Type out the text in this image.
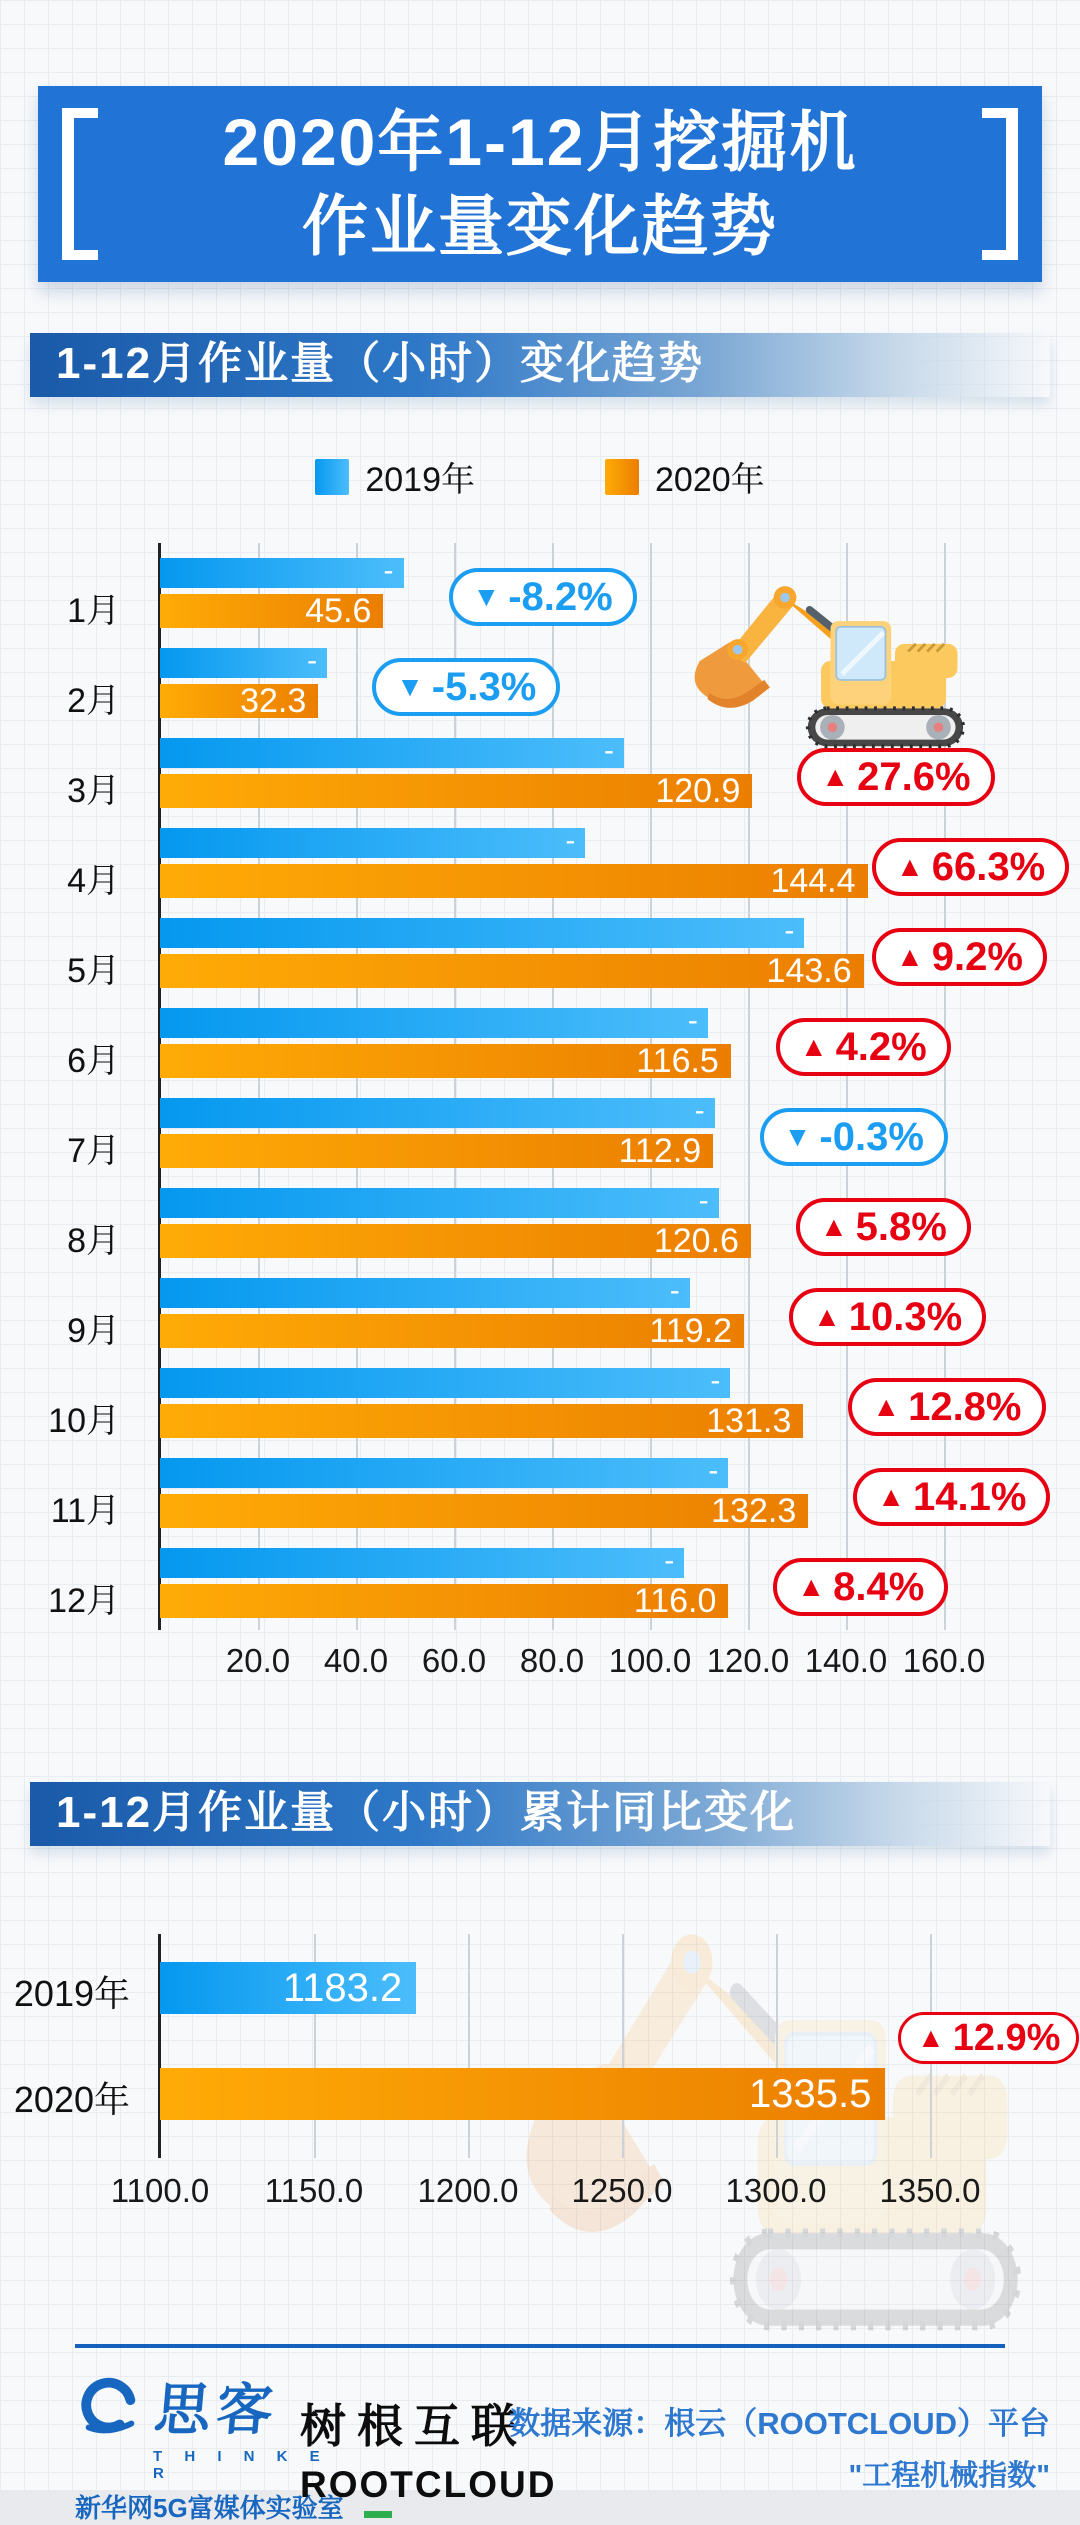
2020年1-12月挖掘机
作业量变化趋势
1-12月作业量（小时）变化趋势
2019年	2020年
20.0	40.0	60.0	80.0 100.0 120.0 140.0 160.0
1月
-
45.6	▼ -8.2%
2月
-
32.3	▼ -5.3%
3月
-
120.9	▲ 27.6%
4月
-
144.4 ▲ 66.3%
5月
-
143.6 ▲ 9.2%
6月
-
116.5	▲ 4.2%
7月
-
112.9	▼ -0.3%
8月
-
120.6	▲ 5.8%
9月
-
119.2	▲ 10.3%
10月
-
131.3	▲ 12.8%
11月
-
132.3	▲ 14.1%
12月
-
116.0	▲ 8.4%
1-12月作业量（小时）累计同比变化
1100.0	1150.0	1200.0	1250.0	1300.0	1350.0
2019年	1183.2
2020年	1335.5
▲ 12.9%
思客
T H I N K E R
新华网5G富媒体实验室
树根互联
ROOTCLOUD
数据来源：根云（ROOTCLOUD）平台
"工程机械指数"
